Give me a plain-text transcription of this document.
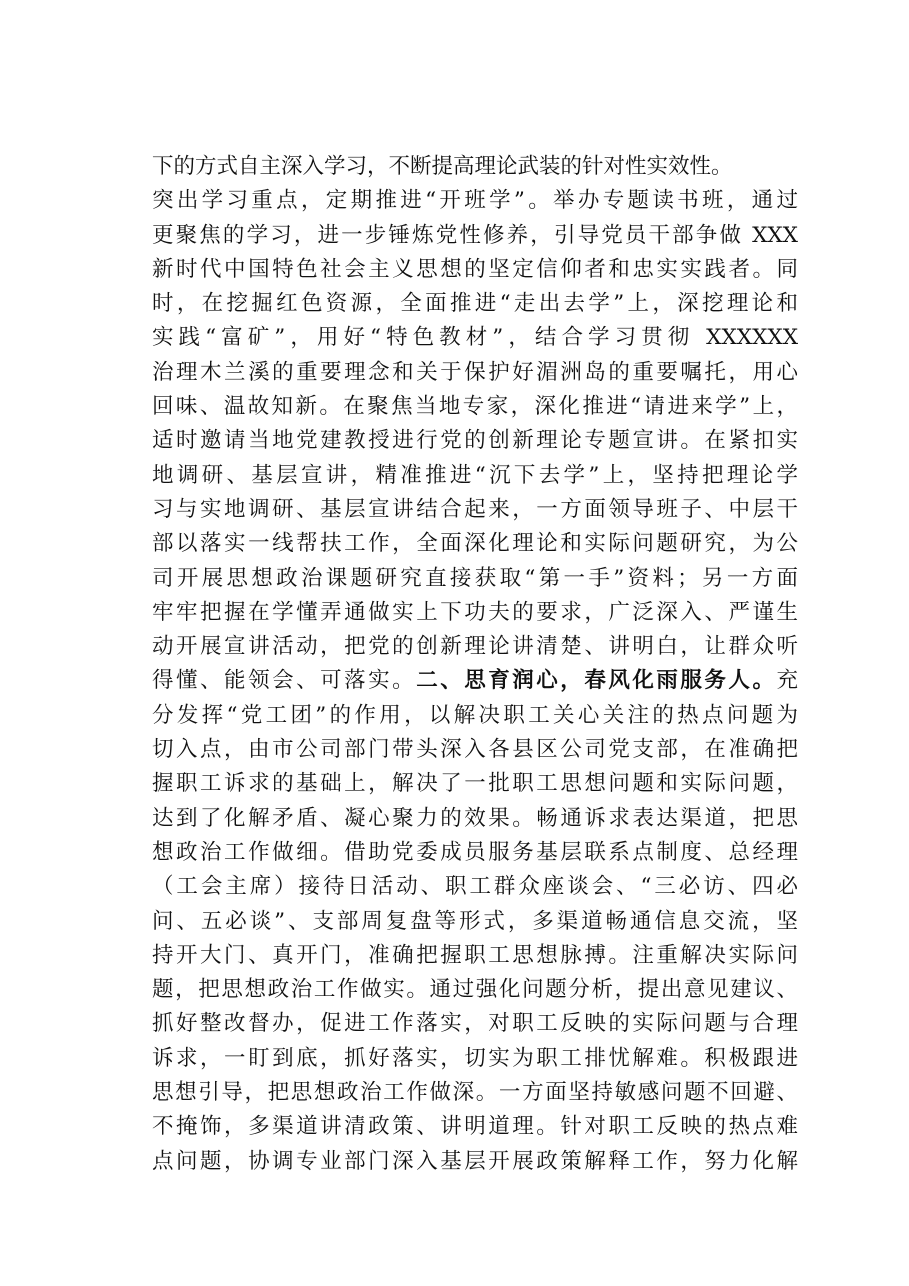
下的方式自主深入学习，不断提高理论武装的针对性实效性。
突出学习重点，定期推进“开班学”。举办专题读书班，通过
更聚焦的学习，进一步锤炼党性修养，引导党员干部争做 XXX
新时代中国特色社会主义思想的坚定信仰者和忠实实践者。同
时，在挖掘红色资源，全面推进“走出去学”上，深挖理论和
实践“富矿”，用好“特色教材”，结合学习贯彻 XXXXXX
治理木兰溪的重要理念和关于保护好湄洲岛的重要嘱托，用心
回味、温故知新。在聚焦当地专家，深化推进“请进来学”上，
适时邀请当地党建教授进行党的创新理论专题宣讲。在紧扣实
地调研、基层宣讲，精准推进“沉下去学”上，坚持把理论学
习与实地调研、基层宣讲结合起来，一方面领导班子、中层干
部以落实一线帮扶工作，全面深化理论和实际问题研究，为公
司开展思想政治课题研究直接获取“第一手”资料；另一方面
牢牢把握在学懂弄通做实上下功夫的要求，广泛深入、严谨生
动开展宣讲活动，把党的创新理论讲清楚、讲明白，让群众听
得懂、能领会、可落实。二、思育润心，春风化雨服务人。充
分发挥“党工团”的作用，以解决职工关心关注的热点问题为
切入点，由市公司部门带头深入各县区公司党支部，在准确把
握职工诉求的基础上，解决了一批职工思想问题和实际问题，
达到了化解矛盾、凝心聚力的效果。畅通诉求表达渠道，把思
想政治工作做细。借助党委成员服务基层联系点制度、总经理
（工会主席）接待日活动、职工群众座谈会、“三必访、四必
问、五必谈”、支部周复盘等形式，多渠道畅通信息交流，坚
持开大门、真开门，准确把握职工思想脉搏。注重解决实际问
题，把思想政治工作做实。通过强化问题分析，提出意见建议、
抓好整改督办，促进工作落实，对职工反映的实际问题与合理
诉求，一盯到底，抓好落实，切实为职工排忧解难。积极跟进
思想引导，把思想政治工作做深。一方面坚持敏感问题不回避、
不掩饰，多渠道讲清政策、讲明道理。针对职工反映的热点难
点问题，协调专业部门深入基层开展政策解释工作，努力化解
